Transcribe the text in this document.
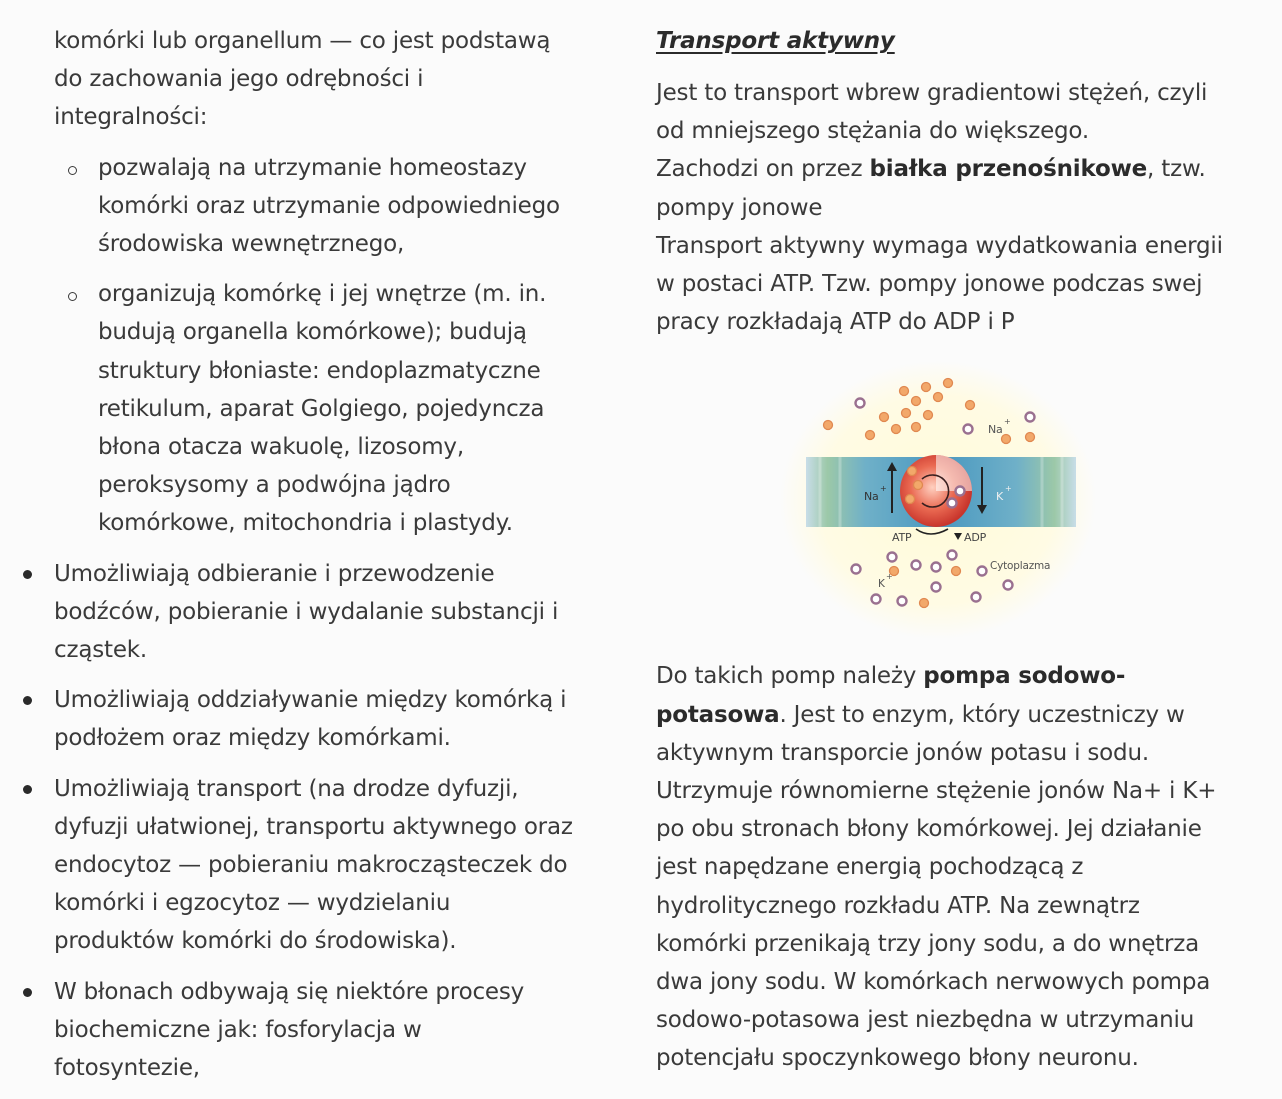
komórki lub organellum — co jest podstawą do zachowania jego odrębności i integralności:

pozwalają na utrzymanie homeostazy komórki oraz utrzymanie odpowiedniego środowiska wewnętrznego,
organizują komórkę i jej wnętrze (m. in. budują organella komórkowe); budują struktury błoniaste: endoplazmatyczne retikulum, aparat Golgiego, pojedyncza błona otacza wakuolę, lizosomy, peroksysomy a podwójna jądro komórkowe, mitochondria i plastydy.
Umożliwiają odbieranie i przewodzenie bodźców, pobieranie i wydalanie substancji i cząstek.
Umożliwiają oddziaływanie między komórką i podłożem oraz między komórkami.
Umożliwiają transport (na drodze dyfuzji, dyfuzji ułatwionej, transportu aktywnego oraz endocytoz — pobieraniu makrocząsteczek do komórki i egzocytoz — wydzielaniu produktów komórki do środowiska).
W błonach odbywają się niektóre procesy biochemiczne jak: fosforylacja w fotosyntezie,
Transport aktywny

Jest to transport wbrew gradientowi stężeń, czyli od mniejszego stężania do większego.
Zachodzi on przez białka przenośnikowe, tzw. pompy jonowe
Transport aktywny wymaga wydatkowania energii w postaci ATP. Tzw. pompy jonowe podczas swej pracy rozkładają ATP do ADP i P

Na
+
Na
+
K
+
ATP	ADP
Cytoplazma
K
+

Do takich pomp należy pompa sodowo-potasowa. Jest to enzym, który uczestniczy w aktywnym transporcie jonów potasu i sodu. Utrzymuje równomierne stężenie jonów Na+ i K+ po obu stronach błony komórkowej. Jej działanie jest napędzane energią pochodzącą z hydrolitycznego rozkładu ATP. Na zewnątrz komórki przenikają trzy jony sodu, a do wnętrza dwa jony sodu. W komórkach nerwowych pompa sodowo-potasowa jest niezbędna w utrzymaniu potencjału spoczynkowego błony neuronu.
